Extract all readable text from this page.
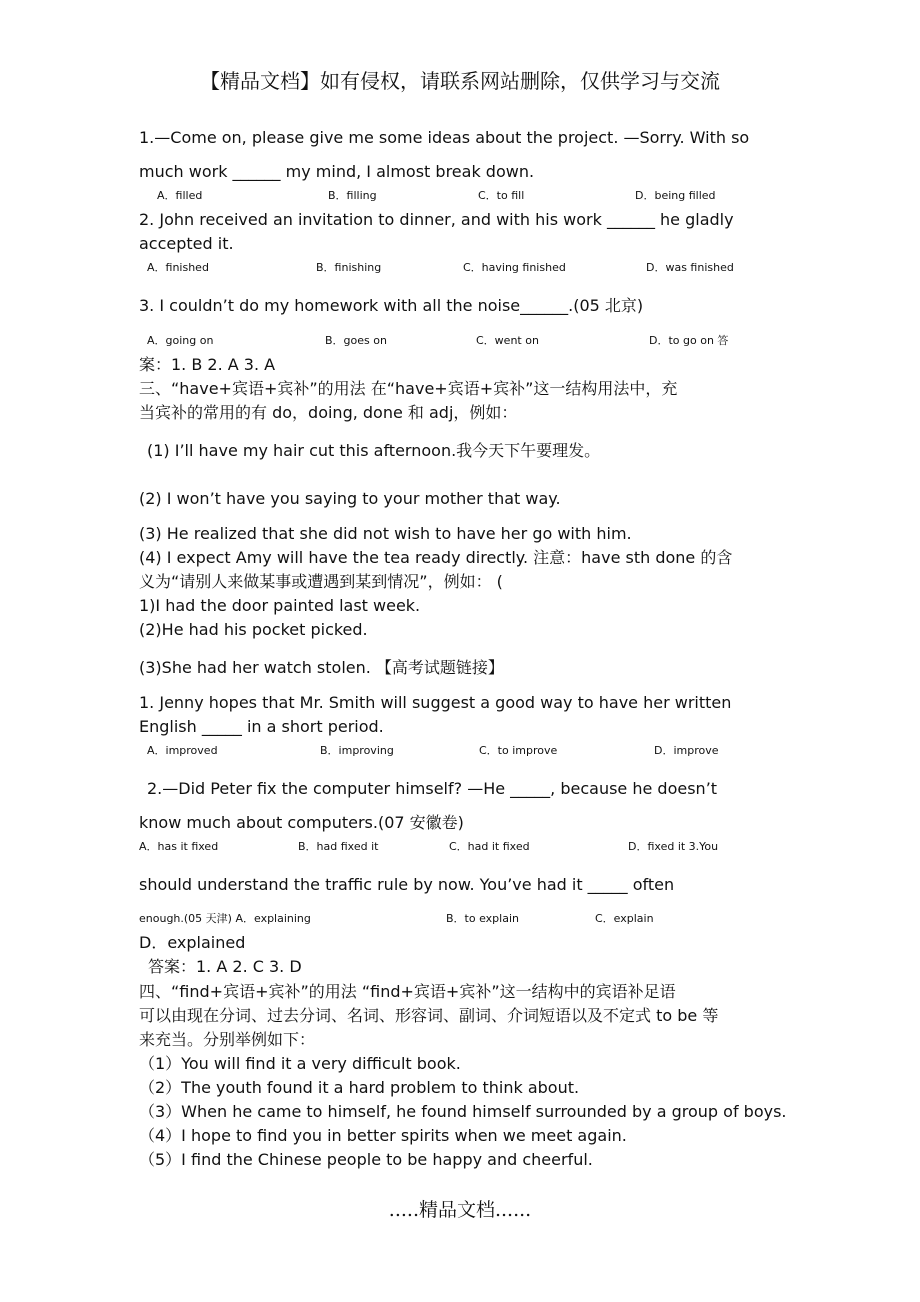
【精品文档】如有侵权，请联系网站删除，仅供学习与交流
1.—Come on, please give me some ideas about the project. —Sorry. With so
much work ______ my mind, I almost break down.
A．filled	B．filling	C．to fill	D．being filled
2. John received an invitation to dinner, and with his work ______ he gladly
accepted it.
A．finished	B．finishing	C．having finished	D．was finished
3. I couldn’t do my homework with all the noise______.(05 北京)
A．going on	B．goes on	C．went on	D．to go on 答
案：1. B 2. A 3. A
三、“have+宾语+宾补”的用法 在“have+宾语+宾补”这一结构用法中，充
当宾补的常用的有 do，doing, done 和 adj，例如：
(1) I’ll have my hair cut this afternoon.我今天下午要理发。
(2) I won’t have you saying to your mother that way.
(3) He realized that she did not wish to have her go with him.
(4) I expect Amy will have the tea ready directly. 注意：have sth done 的含
义为“请别人来做某事或遭遇到某到情况”，例如： (
1)I had the door painted last week.
(2)He had his pocket picked.
(3)She had her watch stolen. 【高考试题链接】
1. Jenny hopes that Mr. Smith will suggest a good way to have her written
English _____ in a short period.
A．improved	B．improving	C．to improve	D．improve
2.—Did Peter fix the computer himself? —He _____, because he doesn’t
know much about computers.(07 安徽卷)
A．has it fixed	B．had fixed it	C．had it fixed	D．fixed it 3.You
should understand the traffic rule by now. You’ve had it _____ often
enough.(05 天津) A．explaining	B．to explain	C．explain
D．explained
答案：1. A 2. C 3. D
四、“find+宾语+宾补”的用法 “find+宾语+宾补”这一结构中的宾语补足语
可以由现在分词、过去分词、名词、形容词、副词、介词短语以及不定式 to be 等
来充当。分别举例如下：
（1）You will find it a very difficult book.
（2）The youth found it a hard problem to think about.
（3）When he came to himself, he found himself surrounded by a group of boys.
（4）I hope to find you in better spirits when we meet again.
（5）I find the Chinese people to be happy and cheerful.
.....精品文档......
